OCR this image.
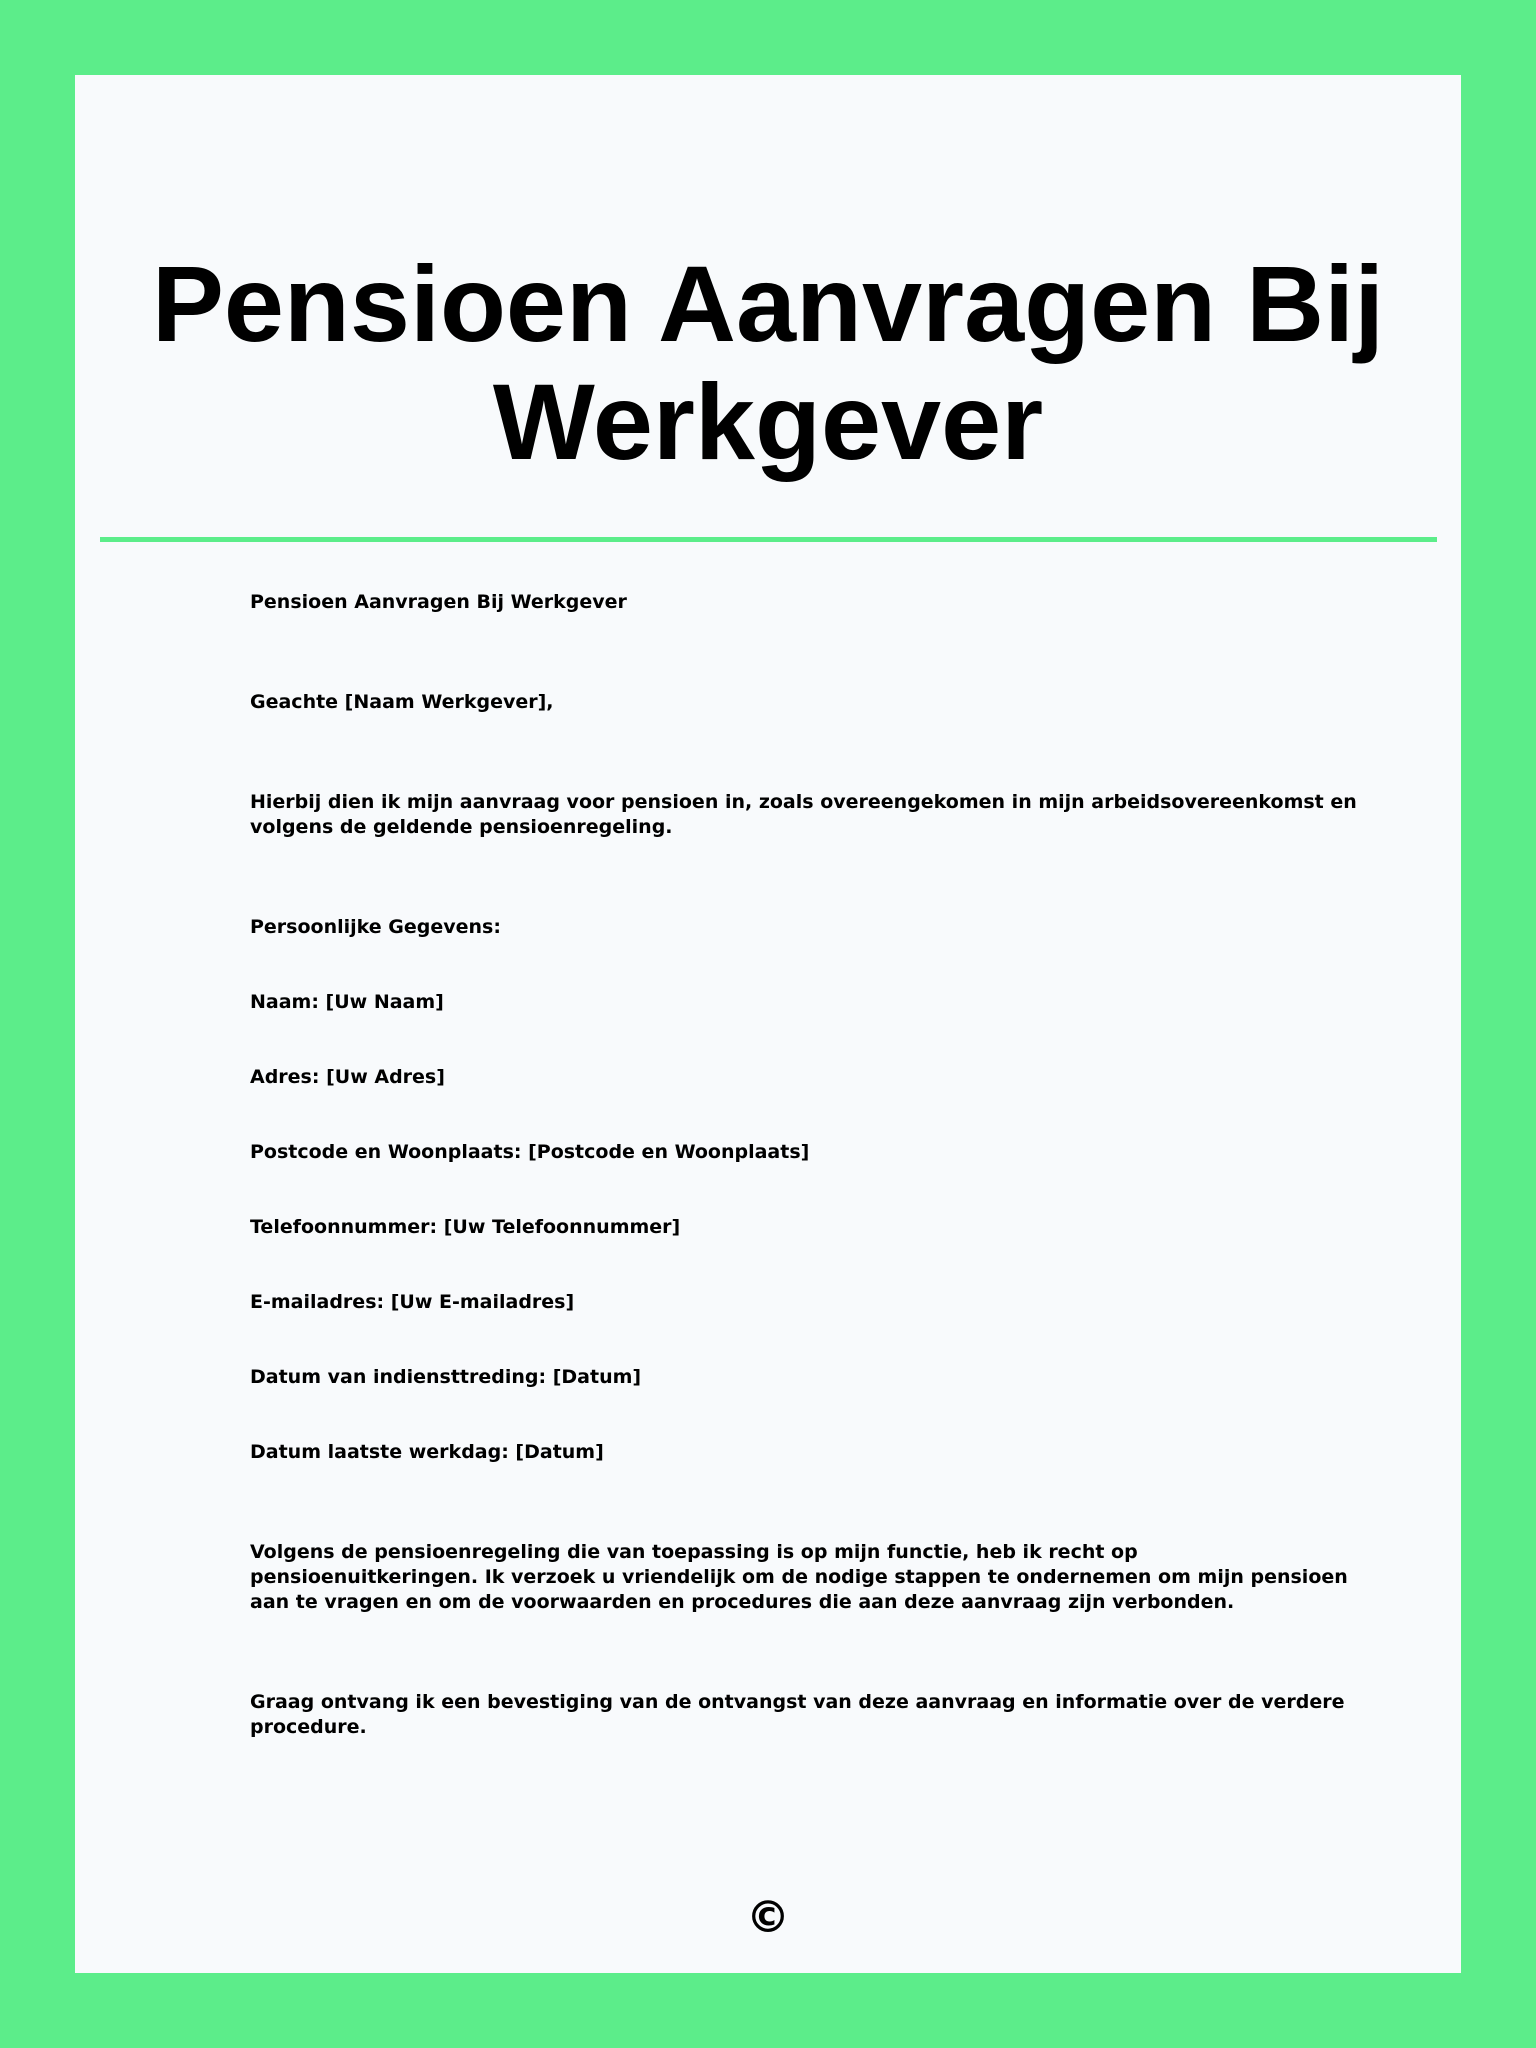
Pensioen Aanvragen Bij Werkgever

Pensioen Aanvragen Bij Werkgever

Geachte [Naam Werkgever],

Hierbij dien ik mijn aanvraag voor pensioen in, zoals overeengekomen in mijn arbeidsovereenkomst en volgens de geldende pensioenregeling.

Persoonlijke Gegevens:

Naam: [Uw Naam]

Adres: [Uw Adres]

Postcode en Woonplaats: [Postcode en Woonplaats]

Telefoonnummer: [Uw Telefoonnummer]

E-mailadres: [Uw E-mailadres]

Datum van indiensttreding: [Datum]

Datum laatste werkdag: [Datum]

Volgens de pensioenregeling die van toepassing is op mijn functie, heb ik recht op pensioenuitkeringen. Ik verzoek u vriendelijk om de nodige stappen te ondernemen om mijn pensioen aan te vragen en om de voorwaarden en procedures die aan deze aanvraag zijn verbonden.

Graag ontvang ik een bevestiging van de ontvangst van deze aanvraag en informatie over de verdere procedure.

©
